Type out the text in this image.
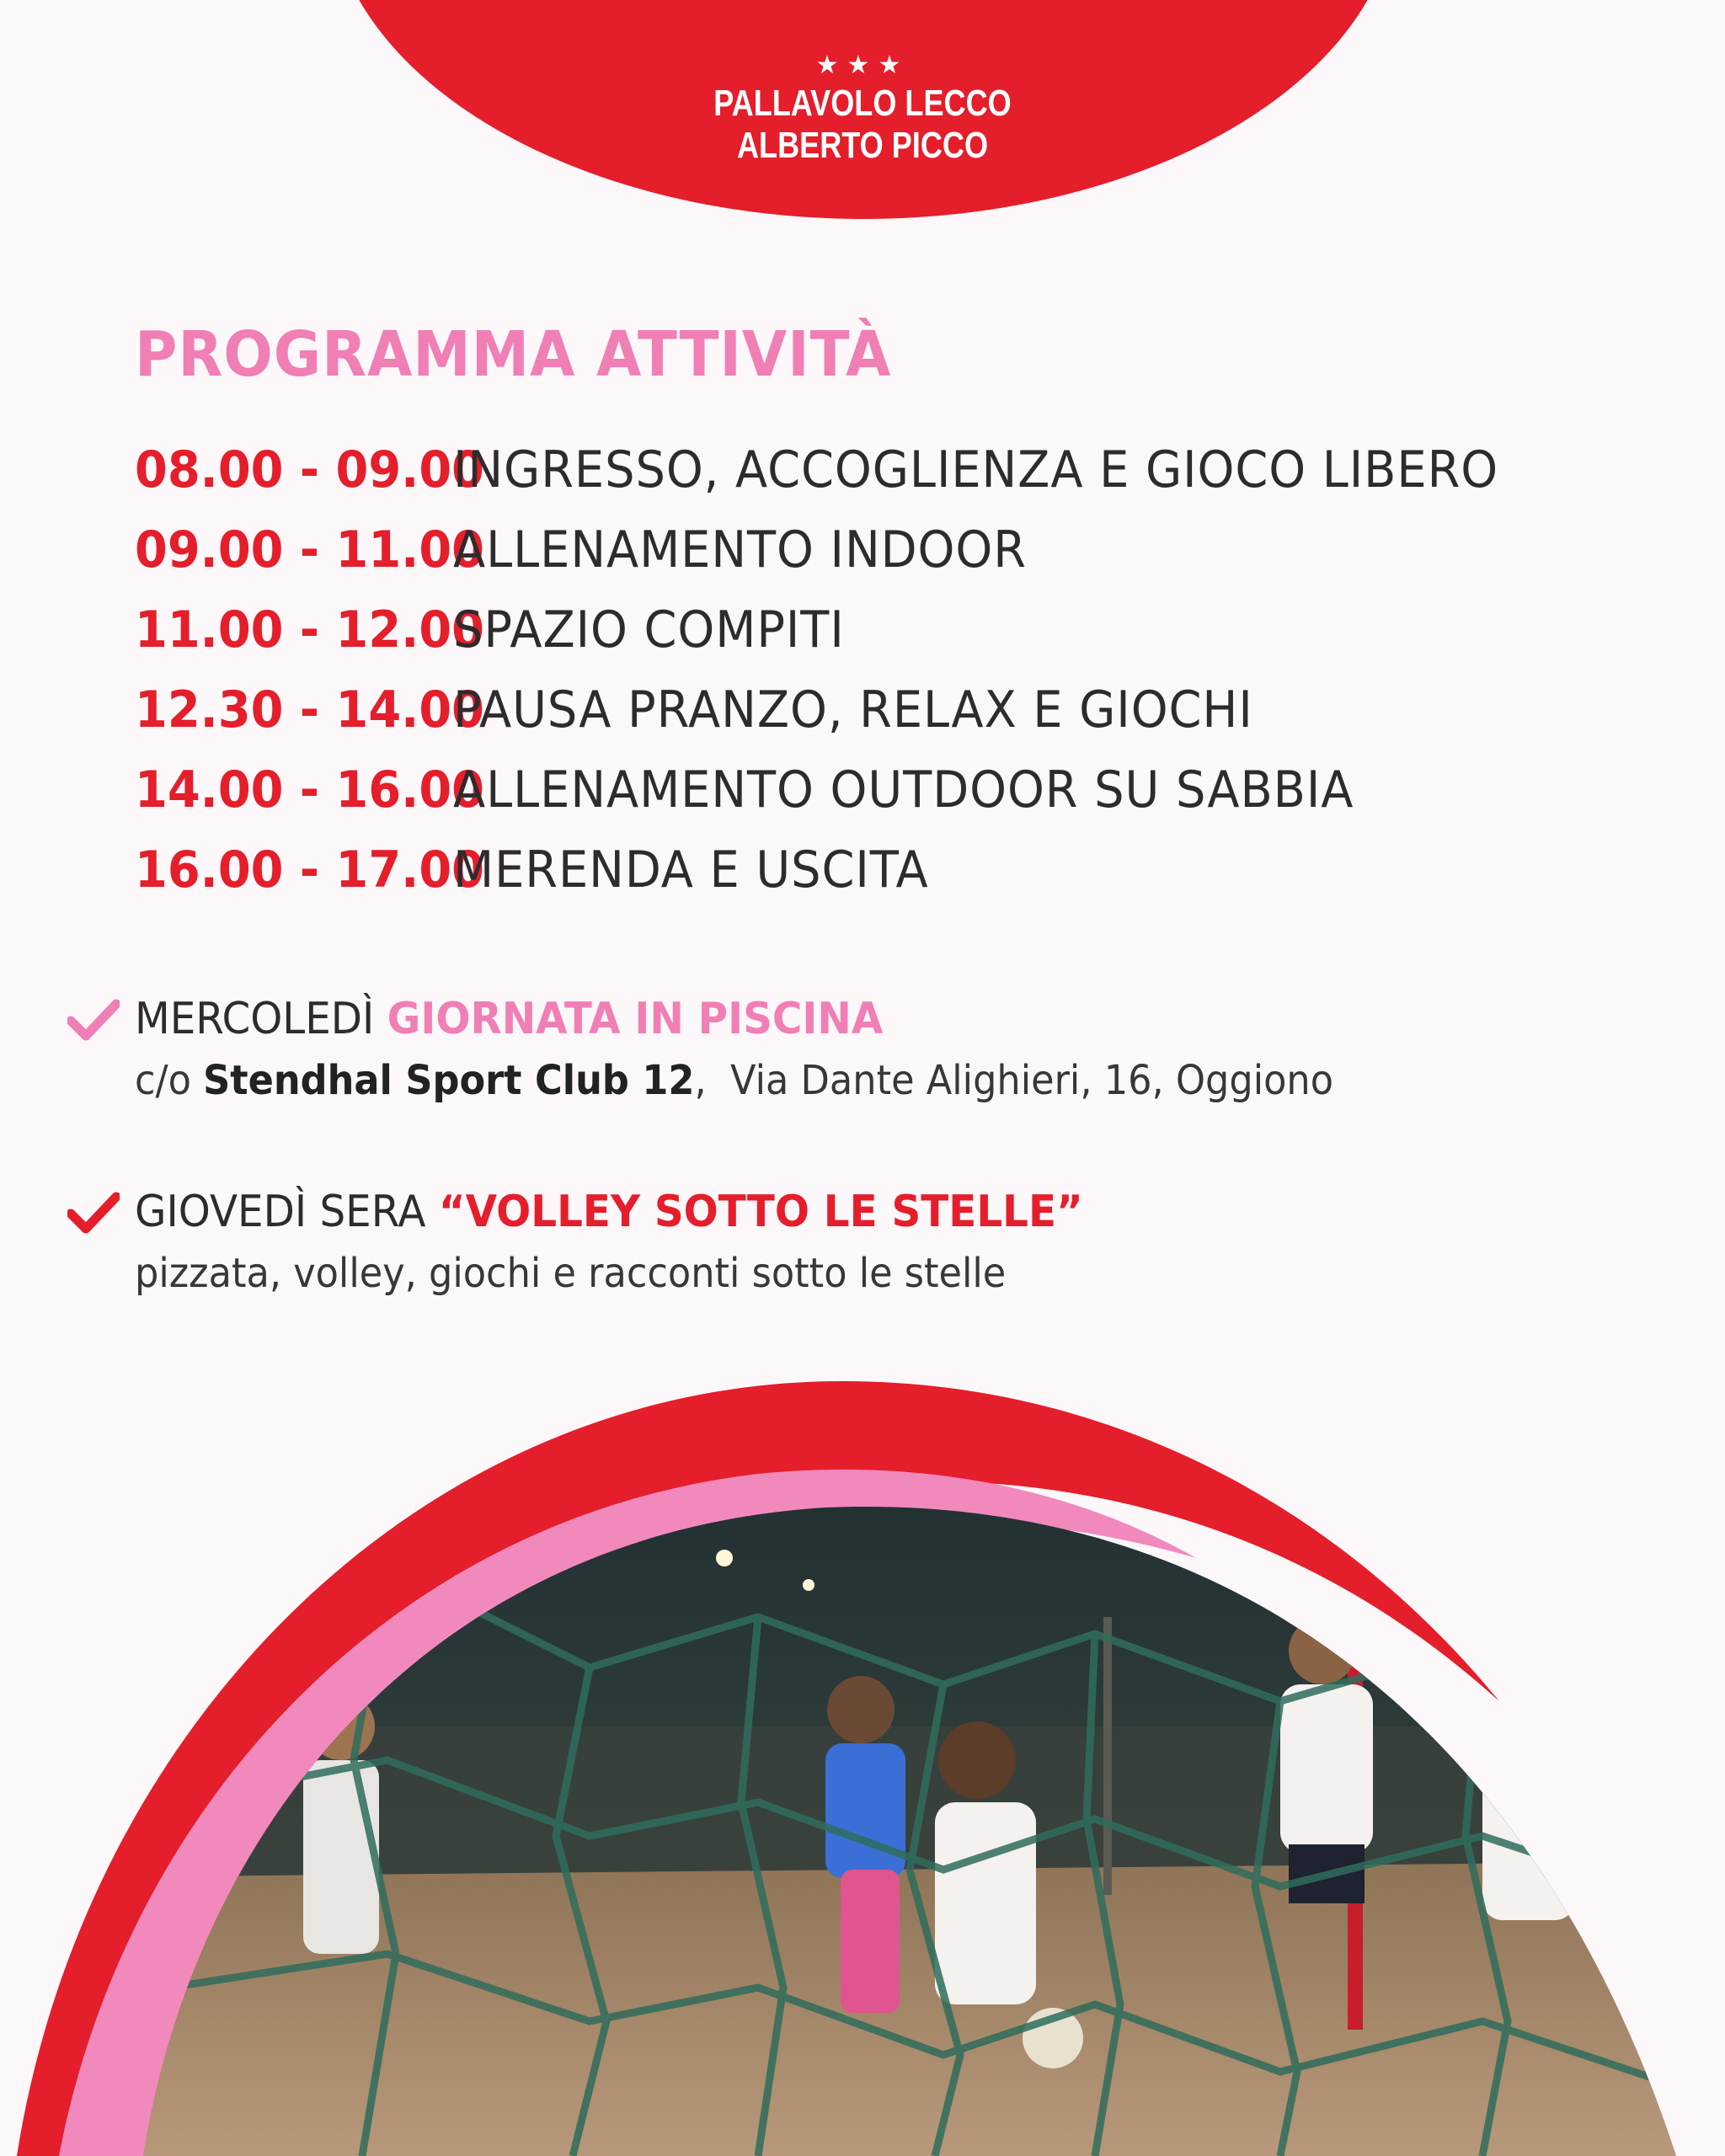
★★★
PALLAVOLO LECCO
ALBERTO PICCO
PROGRAMMA ATTIVITÀ
08.00 - 09.00
INGRESSO, ACCOGLIENZA E GIOCO LIBERO
09.00 - 11.00
ALLENAMENTO INDOOR
11.00 - 12.00
SPAZIO COMPITI
12.30 - 14.00
PAUSA PRANZO, RELAX E GIOCHI
14.00 - 16.00
ALLENAMENTO OUTDOOR SU SABBIA
16.00 - 17.00
MERENDA E USCITA
MERCOLEDÌ GIORNATA IN PISCINA
c/o Stendhal Sport Club 12,  Via Dante Alighieri, 16, Oggiono
GIOVEDÌ SERA “VOLLEY SOTTO LE STELLE”
pizzata, volley, giochi e racconti sotto le stelle
